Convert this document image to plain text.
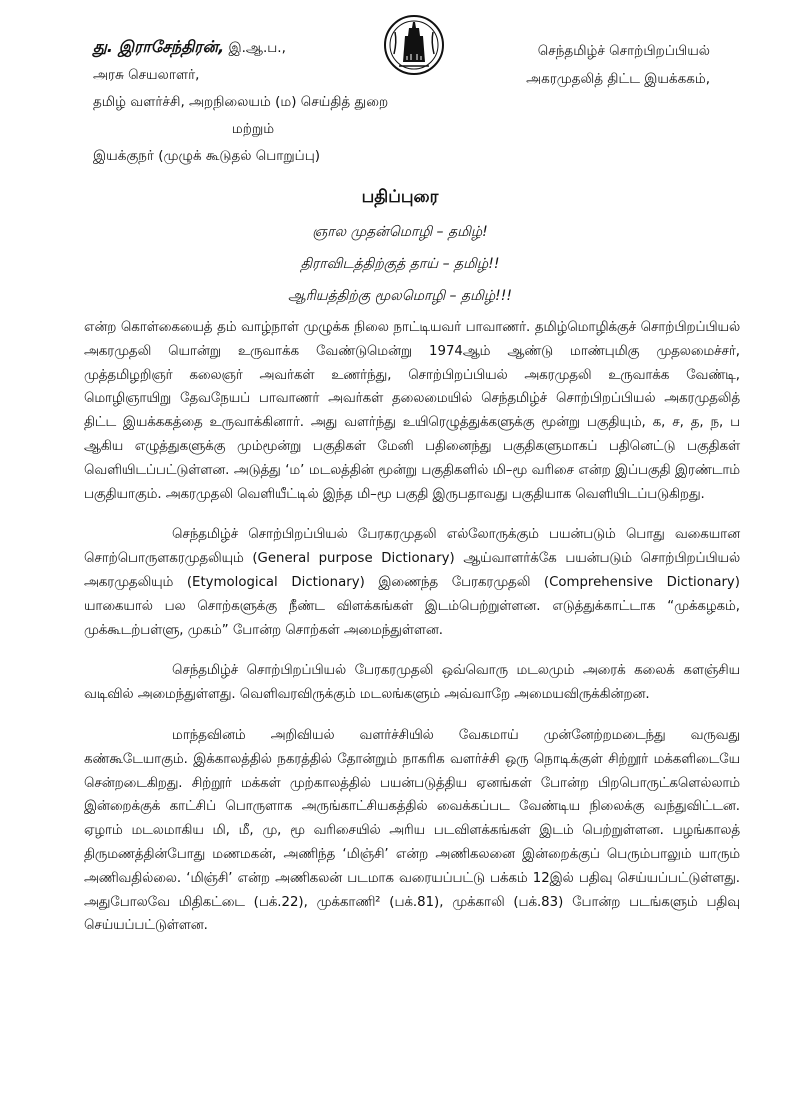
து. இராசேந்திரன், இ.ஆ.ப.,
அரசு செயலாளர்,
தமிழ் வளர்ச்சி, அறநிலையம் (ம) செய்தித் துறை
மற்றும்
இயக்குநர் (முழுக் கூடுதல் பொறுப்பு)
செந்தமிழ்ச் சொற்பிறப்பியல்
அகரமுதலித் திட்ட இயக்ககம்,
பதிப்புரை
ஞால முதன்மொழி – தமிழ்!
திராவிடத்திற்குத் தாய் – தமிழ்!!
ஆரியத்திற்கு மூலமொழி – தமிழ்!!!

என்ற கொள்கையைத் தம் வாழ்நாள் முழுக்க நிலை நாட்டியவர் பாவாணர். தமிழ்மொழிக்குச் சொற்பிறப்பியல் அகரமுதலி யொன்று உருவாக்க வேண்டுமென்று 1974ஆம் ஆண்டு மாண்புமிகு முதலமைச்சர், முத்தமிழறிஞர் கலைஞர் அவர்கள் உணர்ந்து, சொற்பிறப்பியல் அகரமுதலி உருவாக்க வேண்டி, மொழிஞாயிறு தேவநேயப் பாவாணர் அவர்கள் தலைமையில் செந்தமிழ்ச் சொற்பிறப்பியல் அகரமுதலித் திட்ட இயக்ககத்தை உருவாக்கினார். அது வளர்ந்து உயிரெழுத்துக்களுக்கு மூன்று பகுதியும், க, ச, த, ந, ப ஆகிய எழுத்துகளுக்கு மும்மூன்று பகுதிகள் மேனி பதினைந்து பகுதிகளுமாகப் பதினெட்டு பகுதிகள் வெளியிடப்பட்டுள்ளன. அடுத்து ‘ம’ மடலத்தின் மூன்று பகுதிகளில் மி–மூ வரிசை என்ற இப்பகுதி இரண்டாம் பகுதியாகும். அகரமுதலி வெளியீட்டில் இந்த மி–மூ பகுதி இருபதாவது பகுதியாக வெளியிடப்படுகிறது.

செந்தமிழ்ச் சொற்பிறப்பியல் பேரகரமுதலி எல்லோருக்கும் பயன்படும் பொது வகையான சொற்பொருளகரமுதலியும் (General purpose Dictionary) ஆய்வாளர்க்கே பயன்படும் சொற்பிறப்பியல் அகரமுதலியும் (Etymological Dictionary) இணைந்த பேரகரமுதலி (Comprehensive Dictionary) யாகையால் பல சொற்களுக்கு நீண்ட விளக்கங்கள் இடம்பெற்றுள்ளன. எடுத்துக்காட்டாக “முக்கழகம், முக்கூடற்பள்ளு, முகம்” போன்ற சொற்கள் அமைந்துள்ளன.

செந்தமிழ்ச் சொற்பிறப்பியல் பேரகரமுதலி ஒவ்வொரு மடலமும் அரைக் கலைக் களஞ்சிய வடிவில் அமைந்துள்ளது. வெளிவரவிருக்கும் மடலங்களும் அவ்வாறே அமையவிருக்கின்றன.

மாந்தவினம் அறிவியல் வளர்ச்சியில் வேகமாய் முன்னேற்றமடைந்து வருவது கண்கூடேயாகும். இக்காலத்தில் நகரத்தில் தோன்றும் நாகரிக வளர்ச்சி ஒரு நொடிக்குள் சிற்றூர் மக்களிடையே சென்றடைகிறது. சிற்றூர் மக்கள் முற்காலத்தில் பயன்படுத்திய ஏனங்கள் போன்ற பிறபொருட்களெல்லாம் இன்றைக்குக் காட்சிப் பொருளாக அருங்காட்சியகத்தில் வைக்கப்பட வேண்டிய நிலைக்கு வந்துவிட்டன. ஏழாம் மடலமாகிய மி, மீ, மு, மூ வரிசையில் அரிய படவிளக்கங்கள் இடம் பெற்றுள்ளன. பழங்காலத் திருமணத்தின்போது மணமகன், அணிந்த ‘மிஞ்சி’ என்ற அணிகலனை இன்றைக்குப் பெரும்பாலும் யாரும் அணிவதில்லை. ‘மிஞ்சி’ என்ற அணிகலன் படமாக வரையப்பட்டு பக்கம் 12இல் பதிவு செய்யப்பட்டுள்ளது. அதுபோலவே மிதிகட்டை (பக்.22), முக்காணி² (பக்.81), முக்காலி (பக்.83) போன்ற படங்களும் பதிவு செய்யப்பட்டுள்ளன.
